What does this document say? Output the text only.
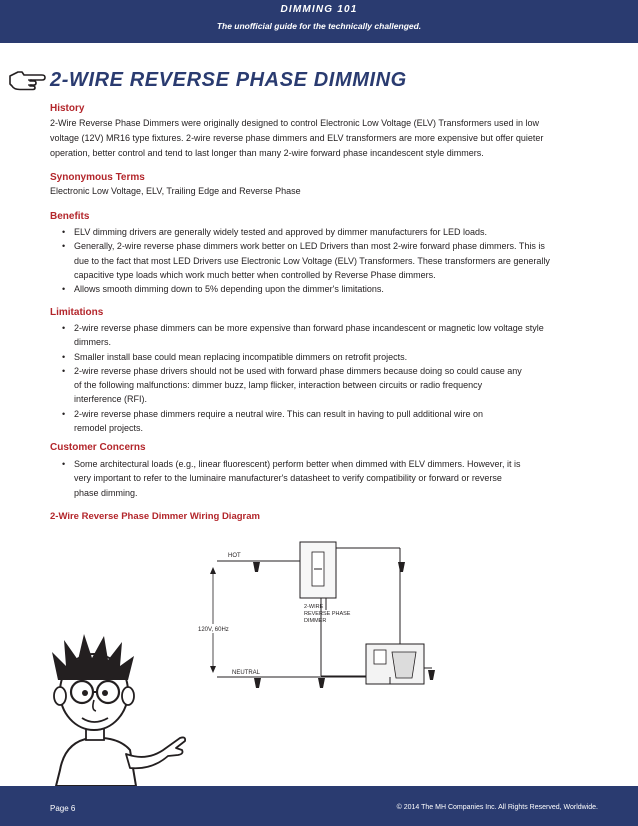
DIMMING 101
The unofficial guide for the technically challenged.
2-WIRE REVERSE PHASE DIMMING
History
2-Wire Reverse Phase Dimmers were originally designed to control Electronic Low Voltage (ELV) Transformers used in low
voltage (12V) MR16 type fixtures. 2-wire reverse phase dimmers and ELV transformers are more expensive but offer quieter
operation, better control and tend to last longer than many 2-wire forward phase incandescent style dimmers.
Synonymous Terms
Electronic Low Voltage, ELV, Trailing Edge and Reverse Phase
Benefits
• ELV dimming drivers are generally widely tested and approved by dimmer manufacturers for LED loads.
• Generally, 2-wire reverse phase dimmers work better on LED Drivers than most 2-wire forward phase dimmers. This is
due to the fact that most LED Drivers use Electronic Low Voltage (ELV) Transformers. These transformers are generally
capacitive type loads which work much better when controlled by Reverse Phase dimmers.
• Allows smooth dimming down to 5% depending upon the dimmer's limitations.
Limitations
• 2-wire reverse phase dimmers can be more expensive than forward phase incandescent or magnetic low voltage style
dimmers.
• Smaller install base could mean replacing incompatible dimmers on retrofit projects.
• 2-wire reverse phase drivers should not be used with forward phase dimmers because doing so could cause any
of the following malfunctions: dimmer buzz, lamp flicker, interaction between circuits or radio frequency
interference (RFI).
• 2-wire reverse phase dimmers require a neutral wire. This can result in having to pull additional wire on
remodel projects.
Customer Concerns
• Some architectural loads (e.g., linear fluorescent) perform better when dimmed with ELV dimmers. However, it is
very important to refer to the luminaire manufacturer's datasheet to verify compatibility or forward or reverse
phase dimming.
2-Wire Reverse Phase Dimmer Wiring Diagram
120V, 60Hz
HOT
2-WIRE
REVERSE PHASE
DIMMER
NEUTRAL
Page 6	© 2014 The MH Companies Inc. All Rights Reserved, Worldwide.
